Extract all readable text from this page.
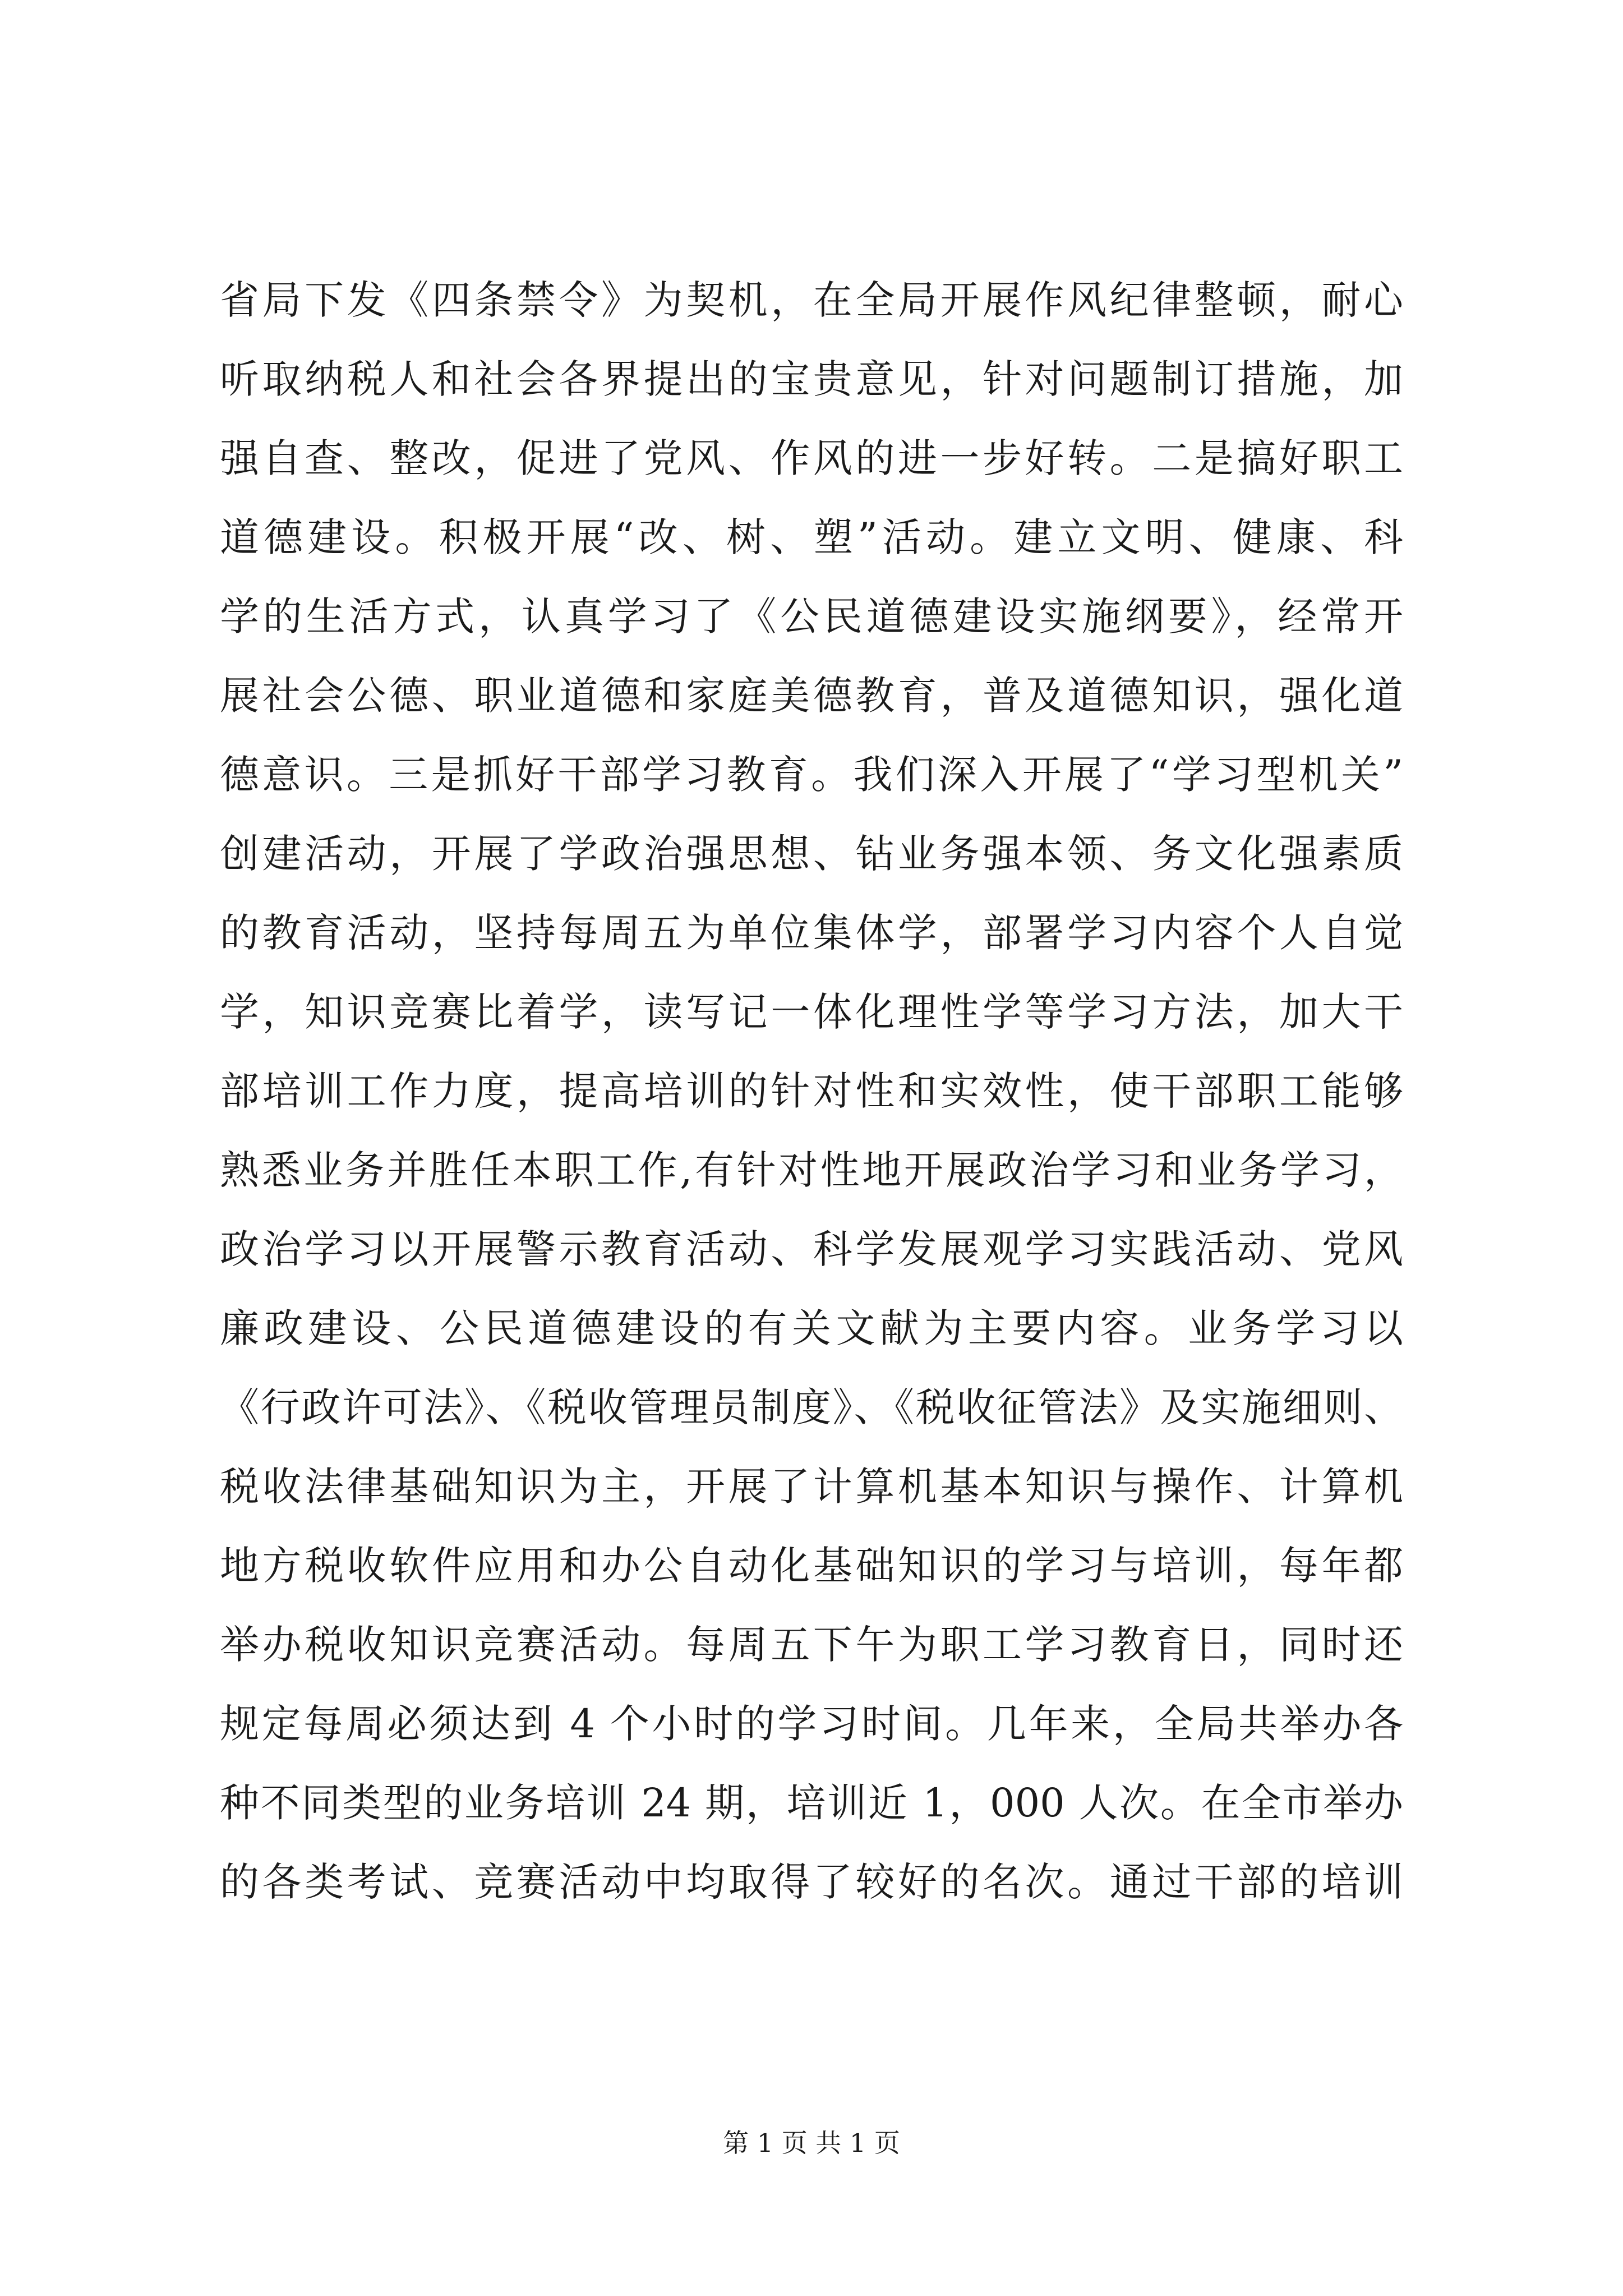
省局下发《四条禁令》为契机，在全局开展作风纪律整顿，耐心
听取纳税人和社会各界提出的宝贵意见，针对问题制订措施，加
强自查、整改，促进了党风、作风的进一步好转。二是搞好职工
道德建设。积极开展“改、树、塑”活动。建立文明、健康、科
学的生活方式，认真学习了《公民道德建设实施纲要》，经常开
展社会公德、职业道德和家庭美德教育，普及道德知识，强化道
德意识。三是抓好干部学习教育。我们深入开展了“学习型机关”
创建活动，开展了学政治强思想、钻业务强本领、务文化强素质
的教育活动，坚持每周五为单位集体学，部署学习内容个人自觉
学，知识竞赛比着学，读写记一体化理性学等学习方法，加大干
部培训工作力度，提高培训的针对性和实效性，使干部职工能够
熟悉业务并胜任本职工作,有针对性地开展政治学习和业务学习，
政治学习以开展警示教育活动、科学发展观学习实践活动、党风
廉政建设、公民道德建设的有关文献为主要内容。业务学习以
《行政许可法》、《税收管理员制度》、《税收征管法》及实施细则、
税收法律基础知识为主，开展了计算机基本知识与操作、计算机
地方税收软件应用和办公自动化基础知识的学习与培训，每年都
举办税收知识竞赛活动。每周五下午为职工学习教育日，同时还
规定每周必须达到 4 个小时的学习时间。几年来，全局共举办各
种不同类型的业务培训 24 期，培训近 1，000 人次。在全市举办
的各类考试、竞赛活动中均取得了较好的名次。通过干部的培训
第 1 页 共 1 页
